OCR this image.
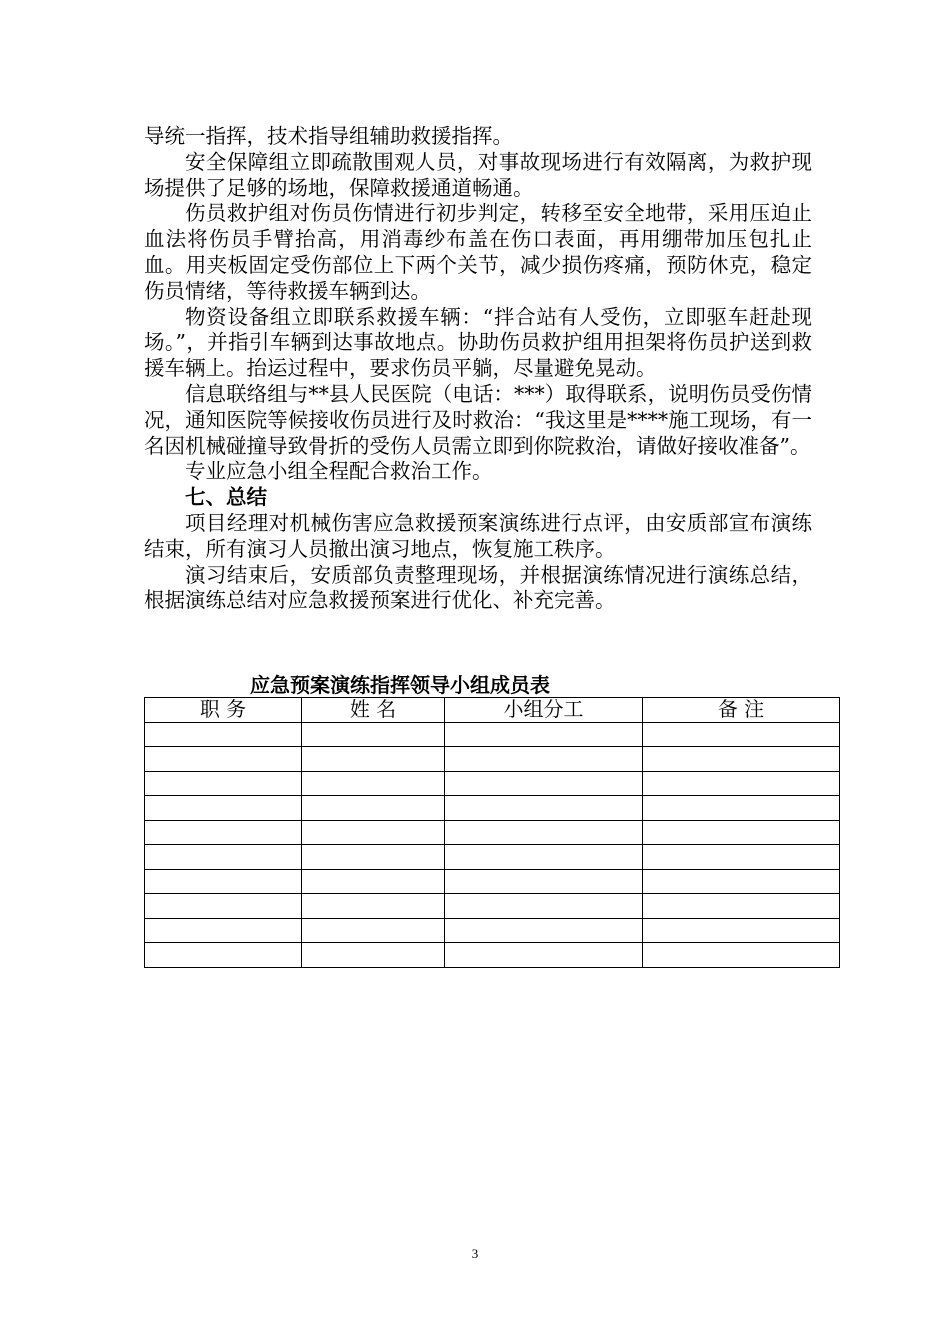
导统一指挥，技术指导组辅助救援指挥。

安全保障组立即疏散围观人员，对事故现场进行有效隔离，为救护现场提供了足够的场地，保障救援通道畅通。

伤员救护组对伤员伤情进行初步判定，转移至安全地带，采用压迫止血法将伤员手臂抬高，用消毒纱布盖在伤口表面，再用绷带加压包扎止血。用夹板固定受伤部位上下两个关节，减少损伤疼痛，预防休克，稳定伤员情绪，等待救援车辆到达。

物资设备组立即联系救援车辆：“拌合站有人受伤，立即驱车赶赴现场。”，并指引车辆到达事故地点。协助伤员救护组用担架将伤员护送到救援车辆上。抬运过程中，要求伤员平躺，尽量避免晃动。

信息联络组与**县人民医院（电话：***）取得联系，说明伤员受伤情况，通知医院等候接收伤员进行及时救治：“我这里是****施工现场，有一名因机械碰撞导致骨折的受伤人员需立即到你院救治，请做好接收准备”。

专业应急小组全程配合救治工作。

七、总结

项目经理对机械伤害应急救援预案演练进行点评，由安质部宣布演练结束，所有演习人员撤出演习地点，恢复施工秩序。

演习结束后，安质部负责整理现场，并根据演练情况进行演练总结，根据演练总结对应急救援预案进行优化、补充完善。

应急预案演练指挥领导小组成员表
职 务	姓 名	小组分工	备 注

3
